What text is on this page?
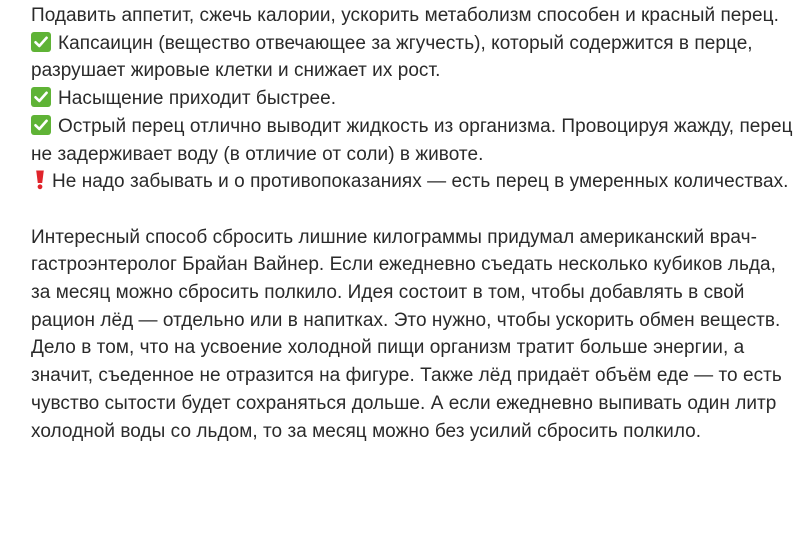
Подавить аппетит, сжечь калории, ускорить метаболизм способен и красный перец.

Капсаицин (вещество отвечающее за жгучесть), который содержится в перце, разрушает жировые клетки и снижает их рост.

Насыщение приходит быстрее.

Острый перец отлично выводит жидкость из организма. Провоцируя жажду, перец не задерживает воду (в отличие от соли) в животе.

Не надо забывать и о противопоказаниях — есть перец в умеренных количествах.

Интересный способ сбросить лишние килограммы придумал американский врач-гастроэнтеролог Брайан Вайнер. Если ежедневно съедать несколько кубиков льда, за месяц можно сбросить полкило. Идея состоит в том, чтобы добавлять в свой рацион лёд — отдельно или в напитках. Это нужно, чтобы ускорить обмен веществ. Дело в том, что на усвоение холодной пищи организм тратит больше энергии, а значит, съеденное не отразится на фигуре. Также лёд придаёт объём еде — то есть чувство сытости будет сохраняться дольше. А если ежедневно выпивать один литр холодной воды со льдом, то за месяц можно без усилий сбросить полкило.
